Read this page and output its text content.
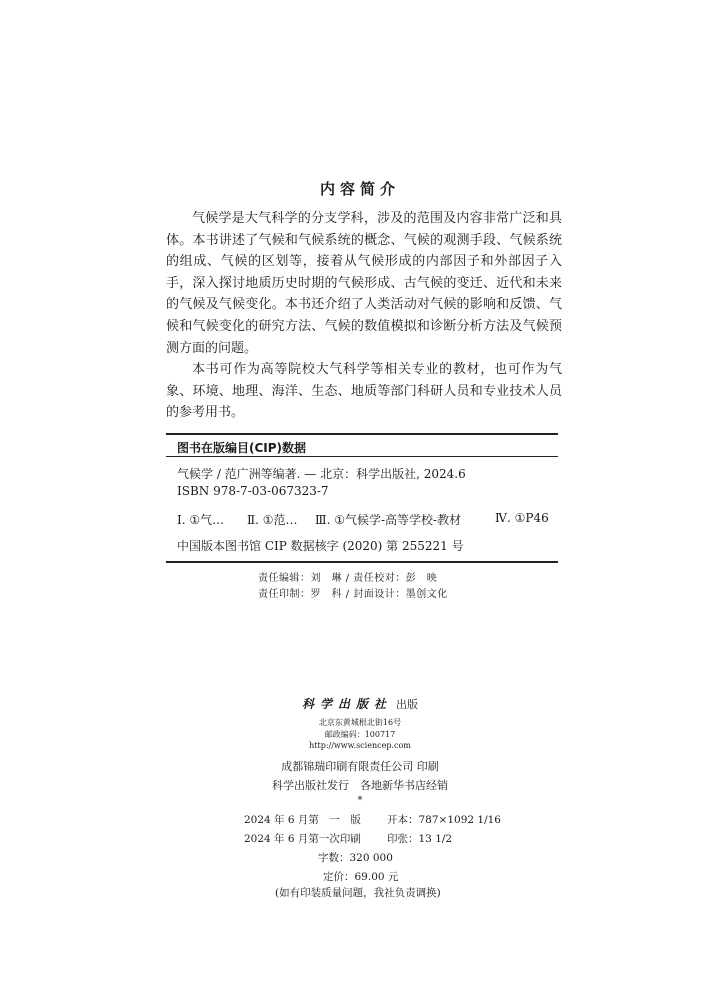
内容简介

气候学是大气科学的分支学科，涉及的范围及内容非常广泛和具体。本书讲述了气候和气候系统的概念、气候的观测手段、气候系统的组成、气候的区划等，接着从气候形成的内部因子和外部因子入手，深入探讨地质历史时期的气候形成、古气候的变迁、近代和未来的气候及气候变化。本书还介绍了人类活动对气候的影响和反馈、气候和气候变化的研究方法、气候的数值模拟和诊断分析方法及气候预测方面的问题。

本书可作为高等院校大气科学等相关专业的教材，也可作为气象、环境、地理、海洋、生态、地质等部门科研人员和专业技术人员的参考用书。

图书在版编目(CIP)数据
气候学 / 范广洲等编著. — 北京：科学出版社, 2024.6
ISBN 978-7-03-067323-7
Ⅰ. ①气… Ⅱ. ①范… Ⅲ. ①气候学-高等学校-教材	Ⅳ. ①P46
中国版本图书馆 CIP 数据核字 (2020) 第 255221 号
责任编辑：刘　琳 / 责任校对：彭　映
责任印制：罗　科 / 封面设计：墨创文化
科学出版社 出版
北京东黄城根北街16号
邮政编码：100717
http://www.sciencep.com
成都锦瑞印刷有限责任公司 印刷
科学出版社发行　各地新华书店经销
*
2024 年 6 月第　一　版 开本：787×1092 1/16
2024 年 6 月第一次印刷 印张：13 1/2
字数：320 000
定价：69.00 元
(如有印装质量问题，我社负责调换)
